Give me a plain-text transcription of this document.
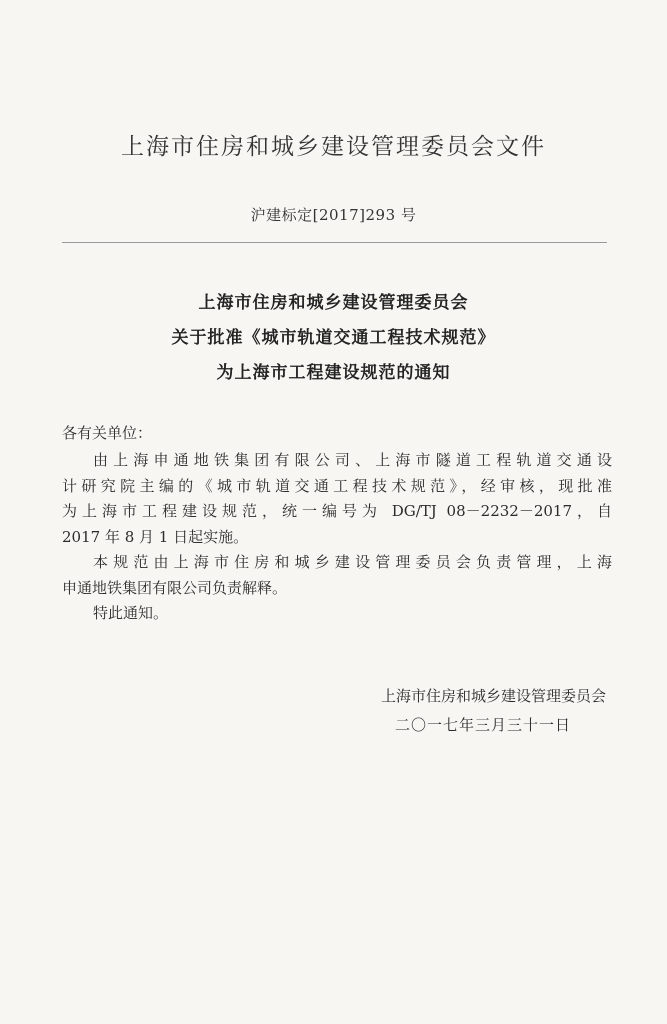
上海市住房和城乡建设管理委员会文件
沪建标定[2017]293 号
上海市住房和城乡建设管理委员会
关于批准《城市轨道交通工程技术规范》
为上海市工程建设规范的通知
各有关单位：
由上海申通地铁集团有限公司、上海市隧道工程轨道交通设
计研究院主编的《城市轨道交通工程技术规范》，经审核，现批准
为上海市工程建设规范，统一编号为 DG/TJ 08－2232－2017，自
2017 年 8 月 1 日起实施。
本规范由上海市住房和城乡建设管理委员会负责管理，上海
申通地铁集团有限公司负责解释。
特此通知。
上海市住房和城乡建设管理委员会
二〇一七年三月三十一日
